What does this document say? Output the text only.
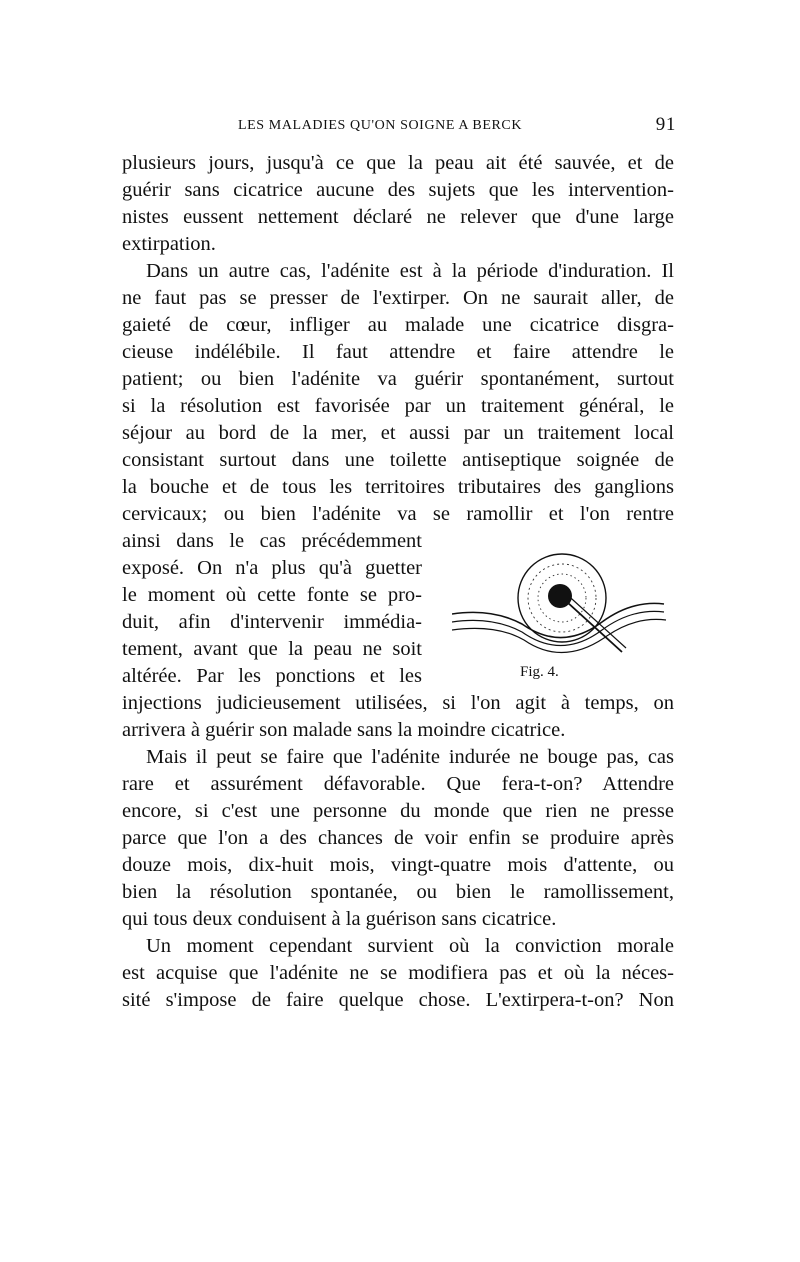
LES MALADIES QU'ON SOIGNE A BERCK	91
plusieurs jours, jusqu'à ce que la peau ait été sauvée, et de
guérir sans cicatrice aucune des sujets que les intervention-
nistes eussent nettement déclaré ne relever que d'une large
extirpation.
Dans un autre cas, l'adénite est à la période d'induration. Il
ne faut pas se presser de l'extirper. On ne saurait aller, de
gaieté de cœur, infliger au malade une cicatrice disgra-
cieuse indélébile. Il faut attendre et faire attendre le
patient; ou bien l'adénite va guérir spontanément, surtout
si la résolution est favorisée par un traitement général, le
séjour au bord de la mer, et aussi par un traitement local
consistant surtout dans une toilette antiseptique soignée de
la bouche et de tous les territoires tributaires des ganglions
cervicaux; ou bien l'adénite va se ramollir et l'on rentre
ainsi dans le cas précédemment
exposé. On n'a plus qu'à guetter
le moment où cette fonte se pro-
duit, afin d'intervenir immédia-
tement, avant que la peau ne soit
altérée. Par les ponctions et les
injections judicieusement utilisées, si l'on agit à temps, on
arrivera à guérir son malade sans la moindre cicatrice.
Mais il peut se faire que l'adénite indurée ne bouge pas, cas
rare et assurément défavorable. Que fera-t-on? Attendre
encore, si c'est une personne du monde que rien ne presse
parce que l'on a des chances de voir enfin se produire après
douze mois, dix-huit mois, vingt-quatre mois d'attente, ou
bien la résolution spontanée, ou bien le ramollissement,
qui tous deux conduisent à la guérison sans cicatrice.
Un moment cependant survient où la conviction morale
est acquise que l'adénite ne se modifiera pas et où la néces-
sité s'impose de faire quelque chose. L'extirpera-t-on? Non
Fig. 4.
